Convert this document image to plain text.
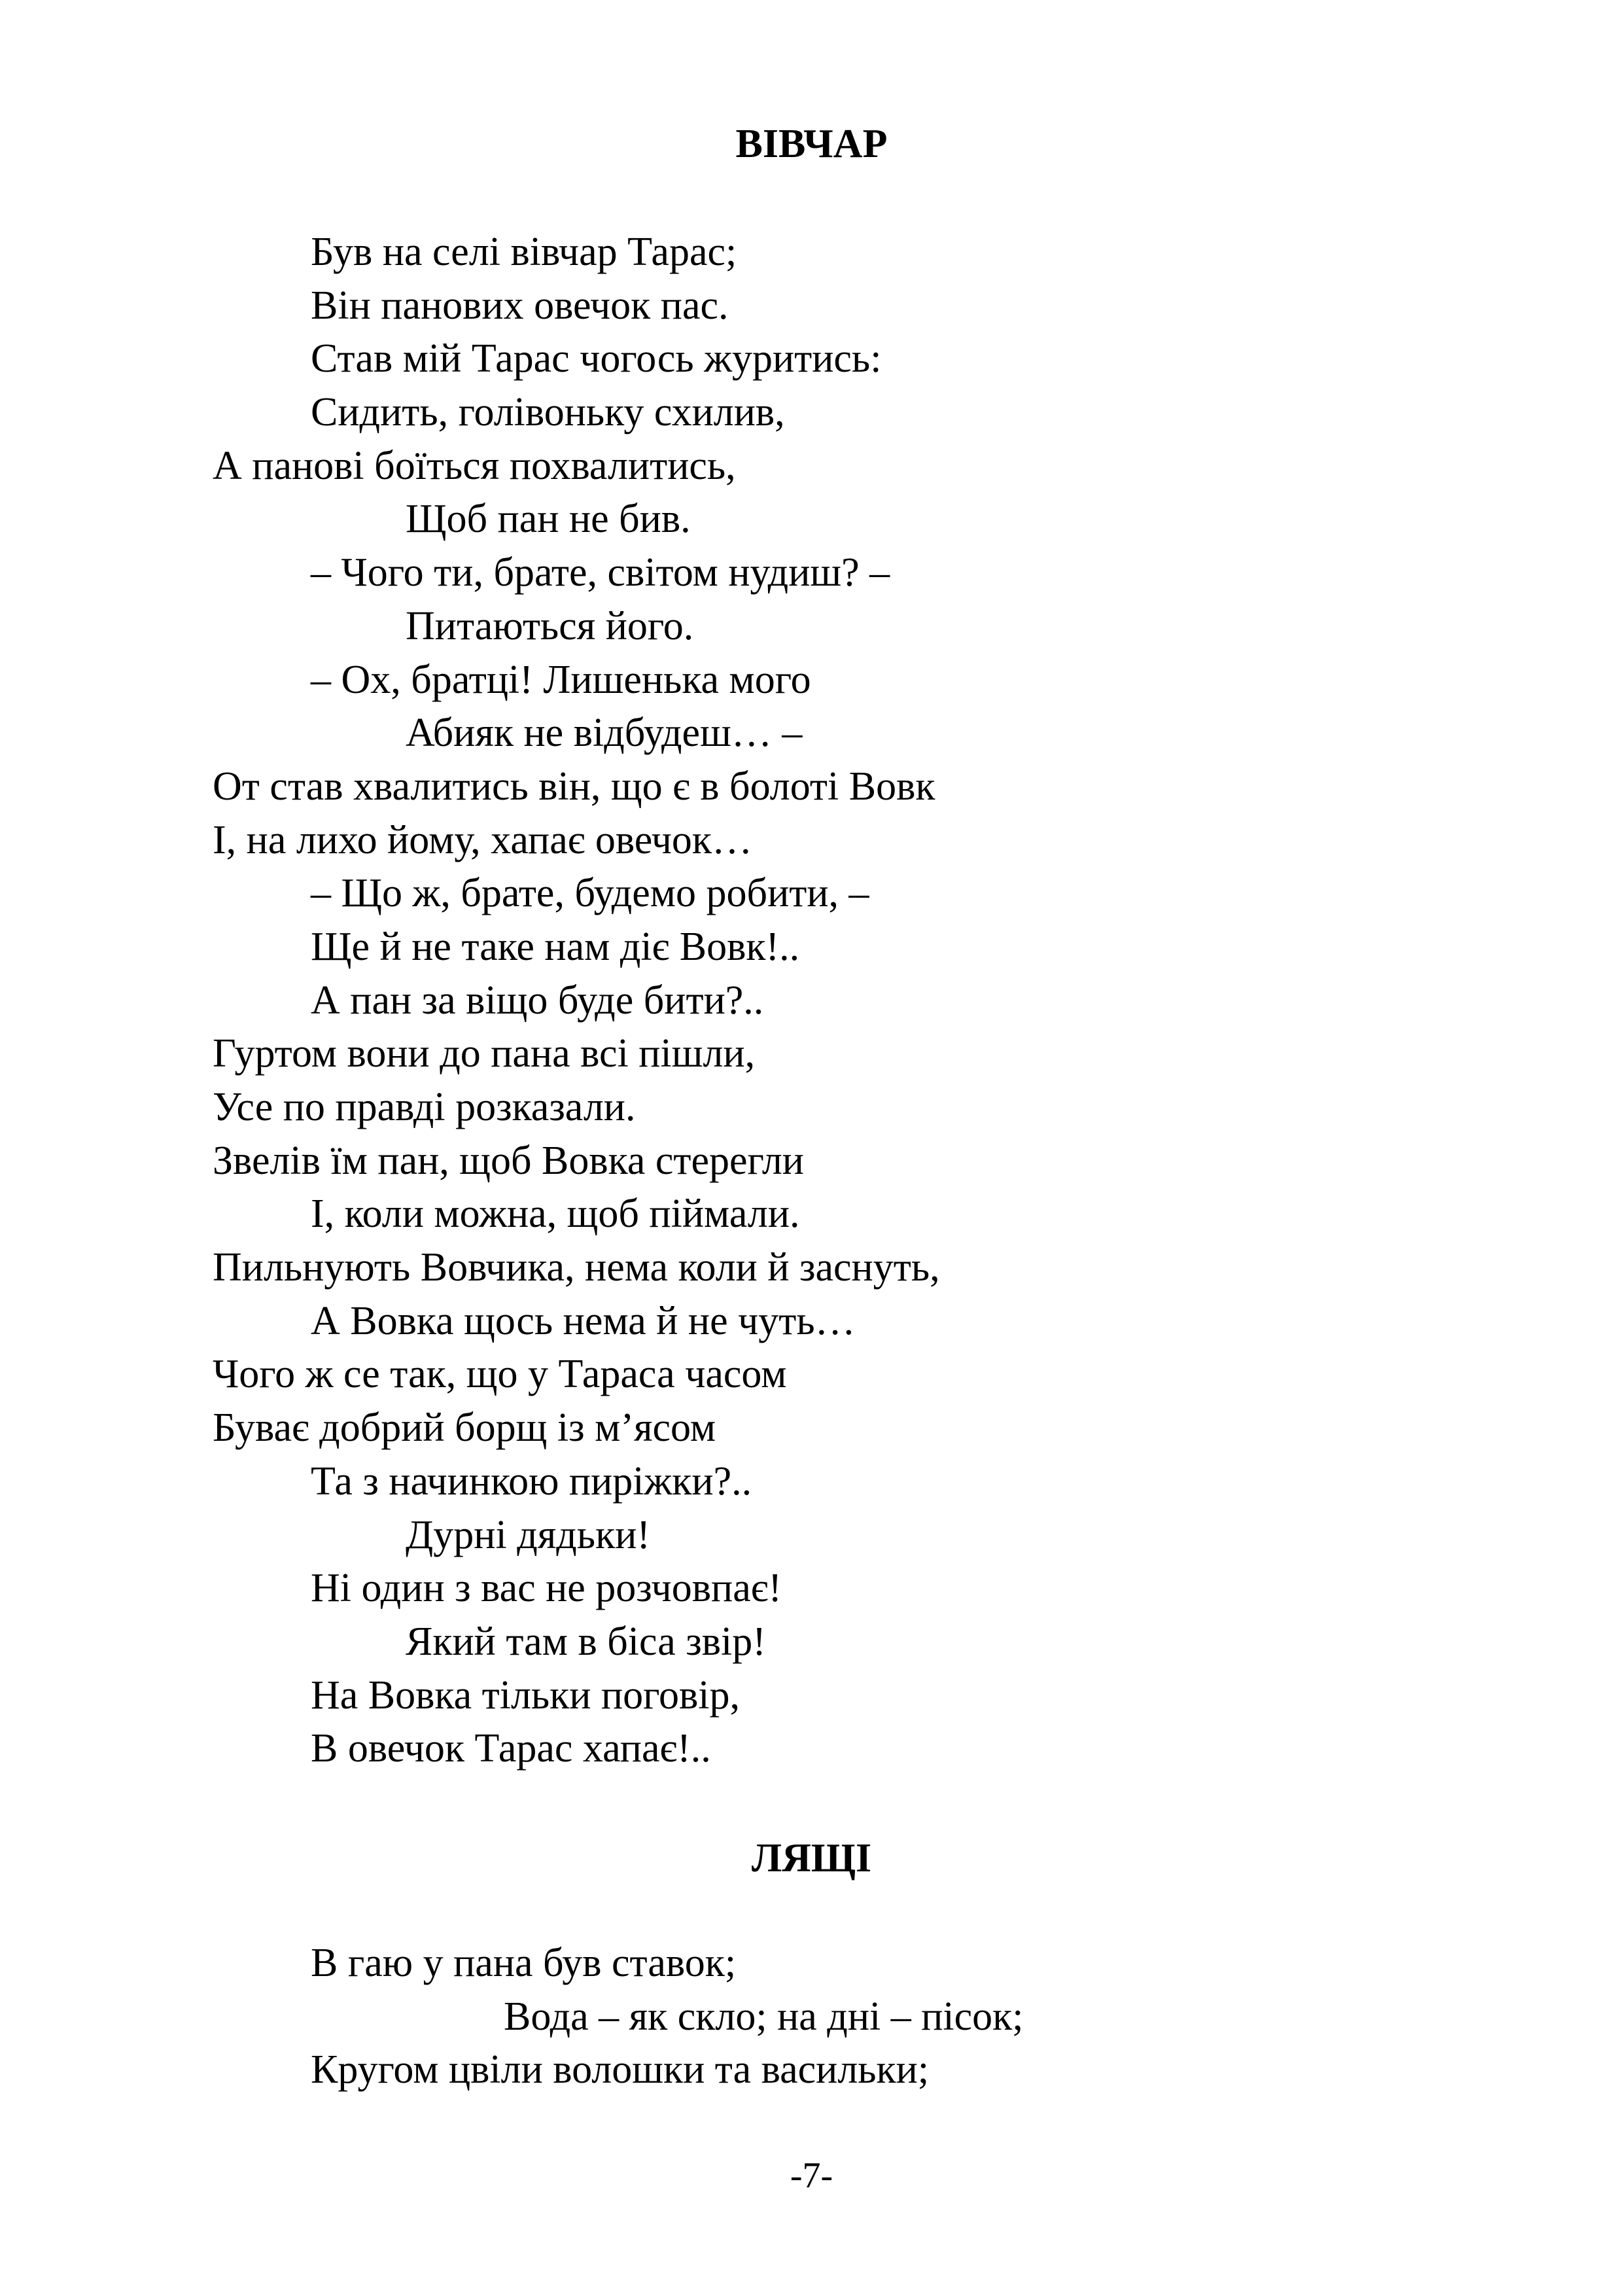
ВІВЧАР
Був на селі вівчар Тарас;
Він панових овечок пас.
Став мій Тарас чогось журитись:
Сидить, голівоньку схилив,
А панові боїться похвалитись,
Щоб пан не бив.
– Чого ти, брате, світом нудиш? –
Питаються його.
– Ох, братці! Лишенька мого
Абияк не відбудеш… –
От став хвалитись він, що є в болоті Вовк
І, на лихо йому, хапає овечок…
– Що ж, брате, будемо робити, –
Ще й не таке нам діє Вовк!..
А пан за віщо буде бити?..
Гуртом вони до пана всі пішли,
Усе по правді розказали.
Звелів їм пан, щоб Вовка стерегли
І, коли можна, щоб піймали.
Пильнують Вовчика, нема коли й заснуть,
А Вовка щось нема й не чуть…
Чого ж се так, що у Тараса часом
Буває добрий борщ із м’ясом
Та з начинкою пиріжки?..
Дурні дядьки!
Ні один з вас не розчовпає!
Який там в біса звір!
На Вовка тільки поговір,
В овечок Тарас хапає!..
ЛЯЩІ
В гаю у пана був ставок;
Вода – як скло; на дні – пісок;
Кругом цвіли волошки та васильки;
-7-
